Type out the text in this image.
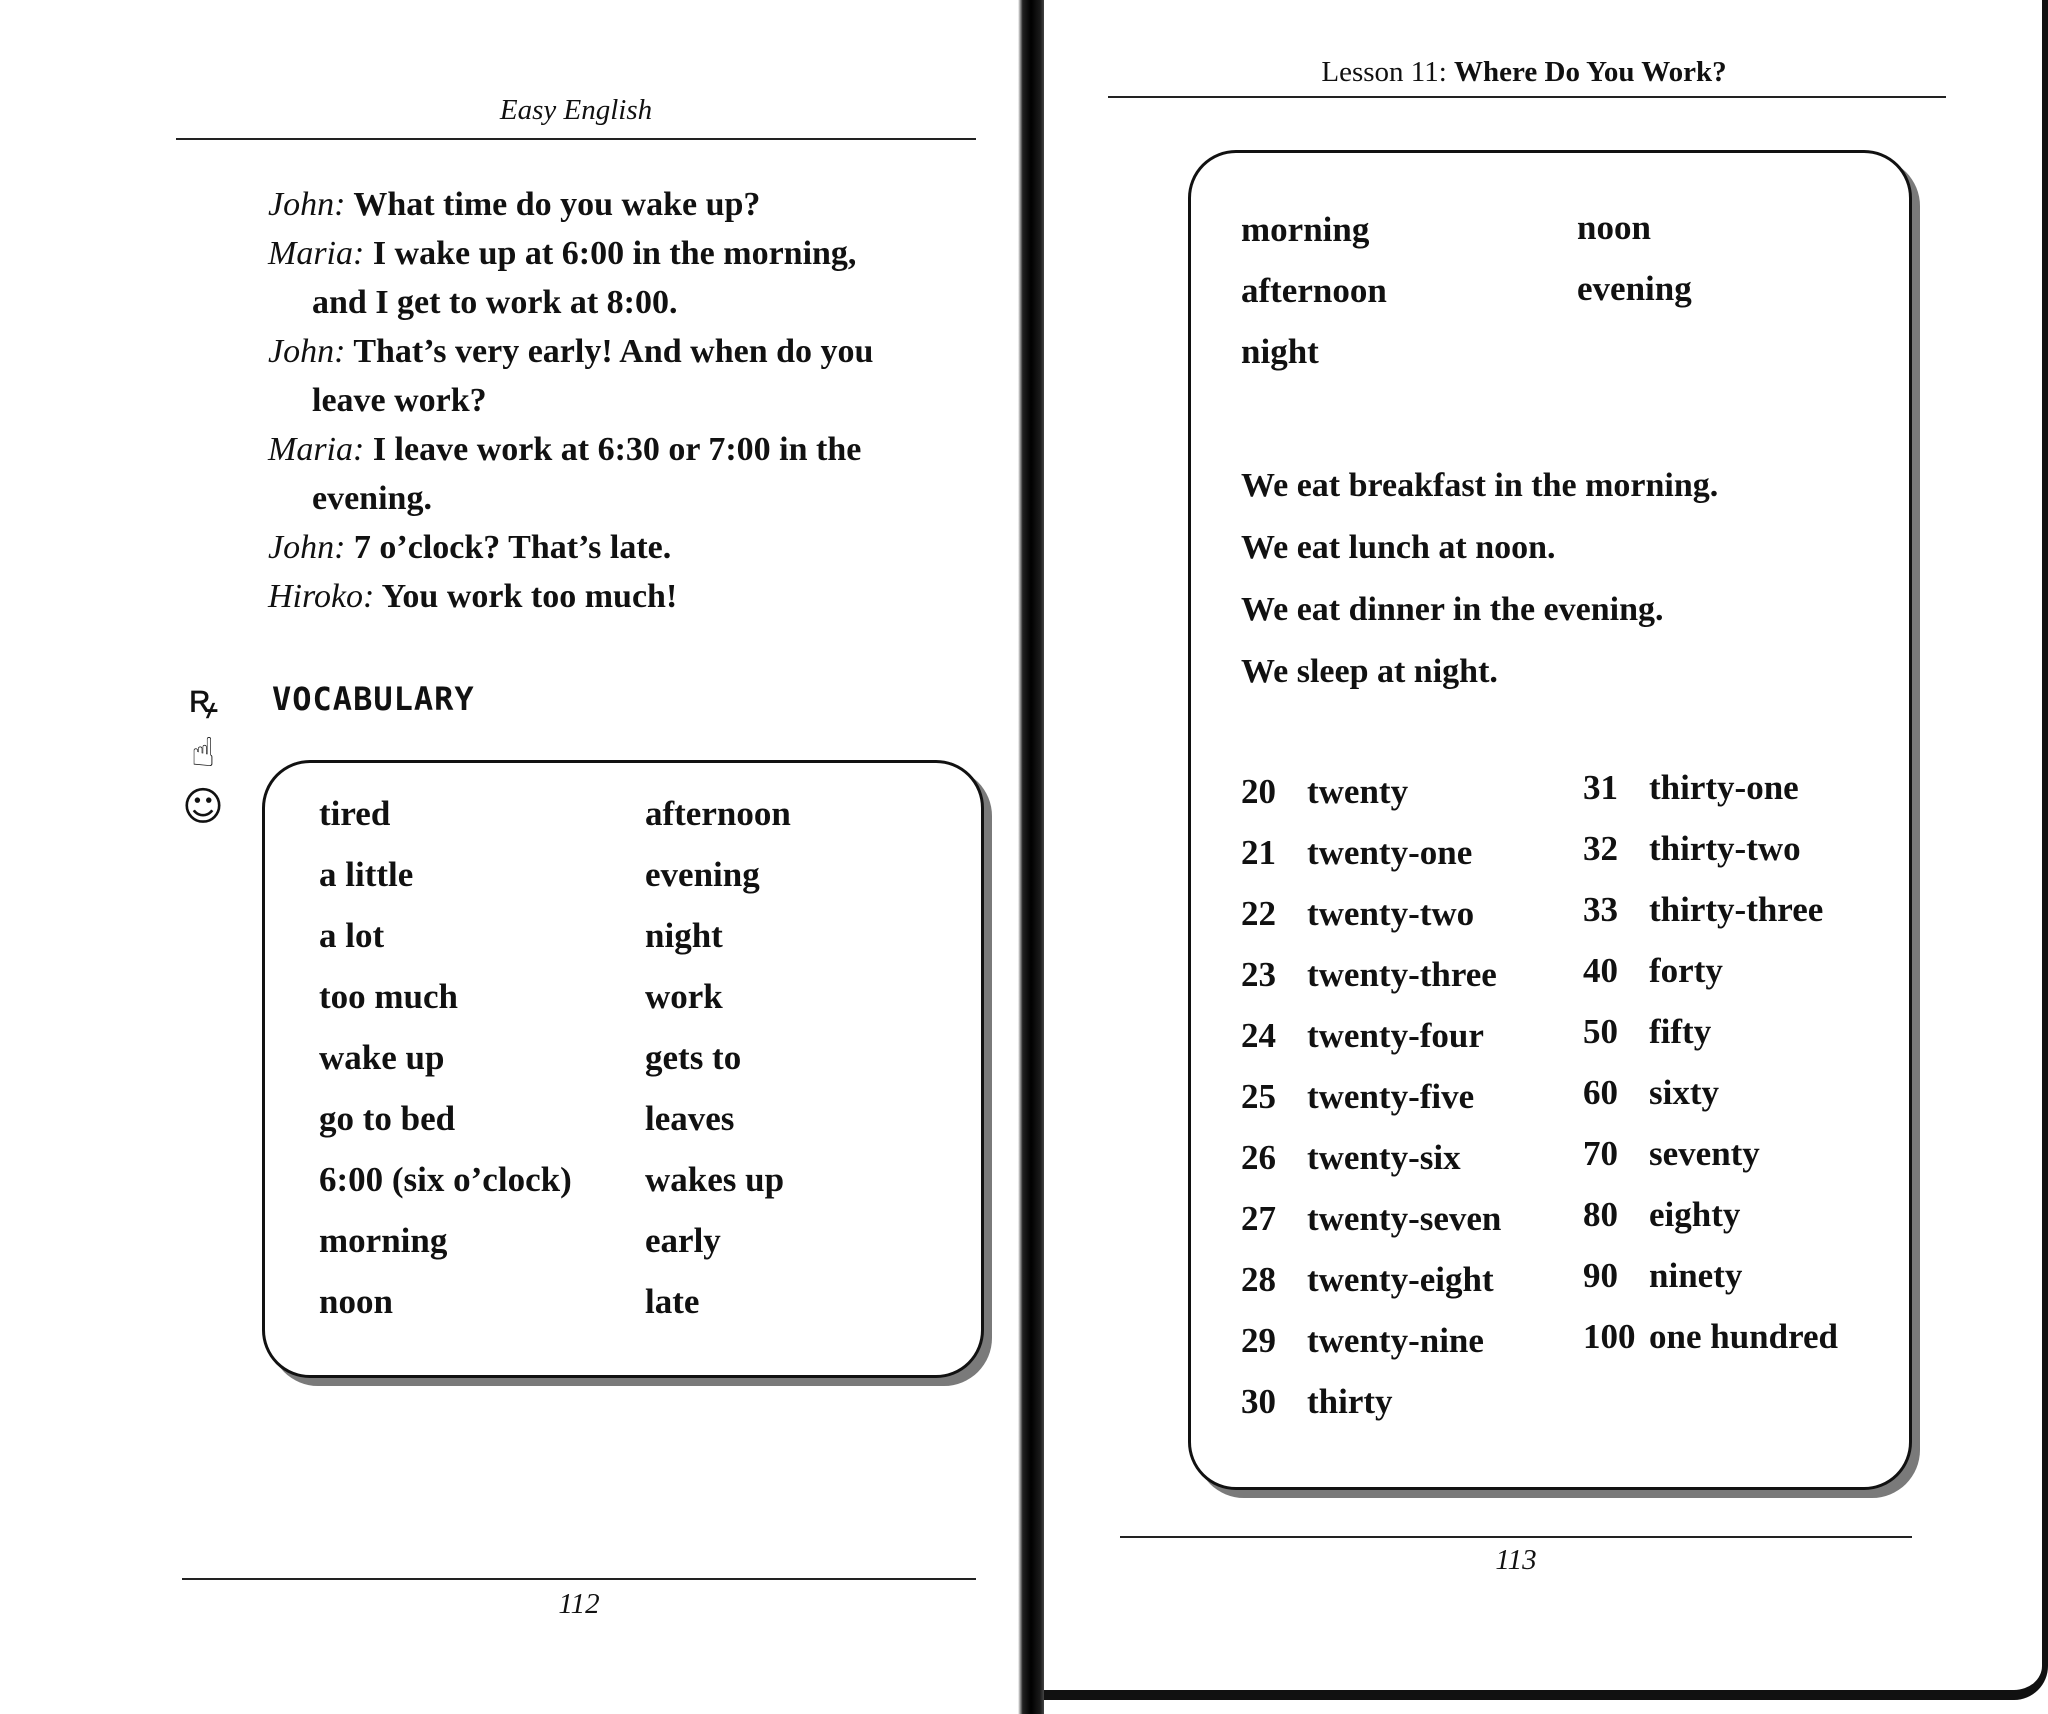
Easy English
John: What time do you wake up?
Maria: I wake up at 6:00 in the morning,
and I get to work at 8:00.
John: That’s very early! And when do you
leave work?
Maria: I leave work at 6:30 or 7:00 in the
evening.
John: 7 o’clock? That’s late.
Hiroko: You work too much!
ꝶ
☝
☺
VOCABULARY
tired
a little
a lot
too much
wake up
go to bed
6:00 (six o’clock)
morning
noon
afternoon
evening
night
work
gets to
leaves
wakes up
early
late
112
Lesson 11: Where Do You Work?
morning
afternoon
night
noon
evening
We eat breakfast in the morning.
We eat lunch at noon.
We eat dinner in the evening.
We sleep at night.
20 twenty
21 twenty-one
22 twenty-two
23 twenty-three
24 twenty-four
25 twenty-five
26 twenty-six
27 twenty-seven
28 twenty-eight
29 twenty-nine
30 thirty
31 thirty-one
32 thirty-two
33 thirty-three
40 forty
50 fifty
60 sixty
70 seventy
80 eighty
90 ninety
100 one hundred
113
